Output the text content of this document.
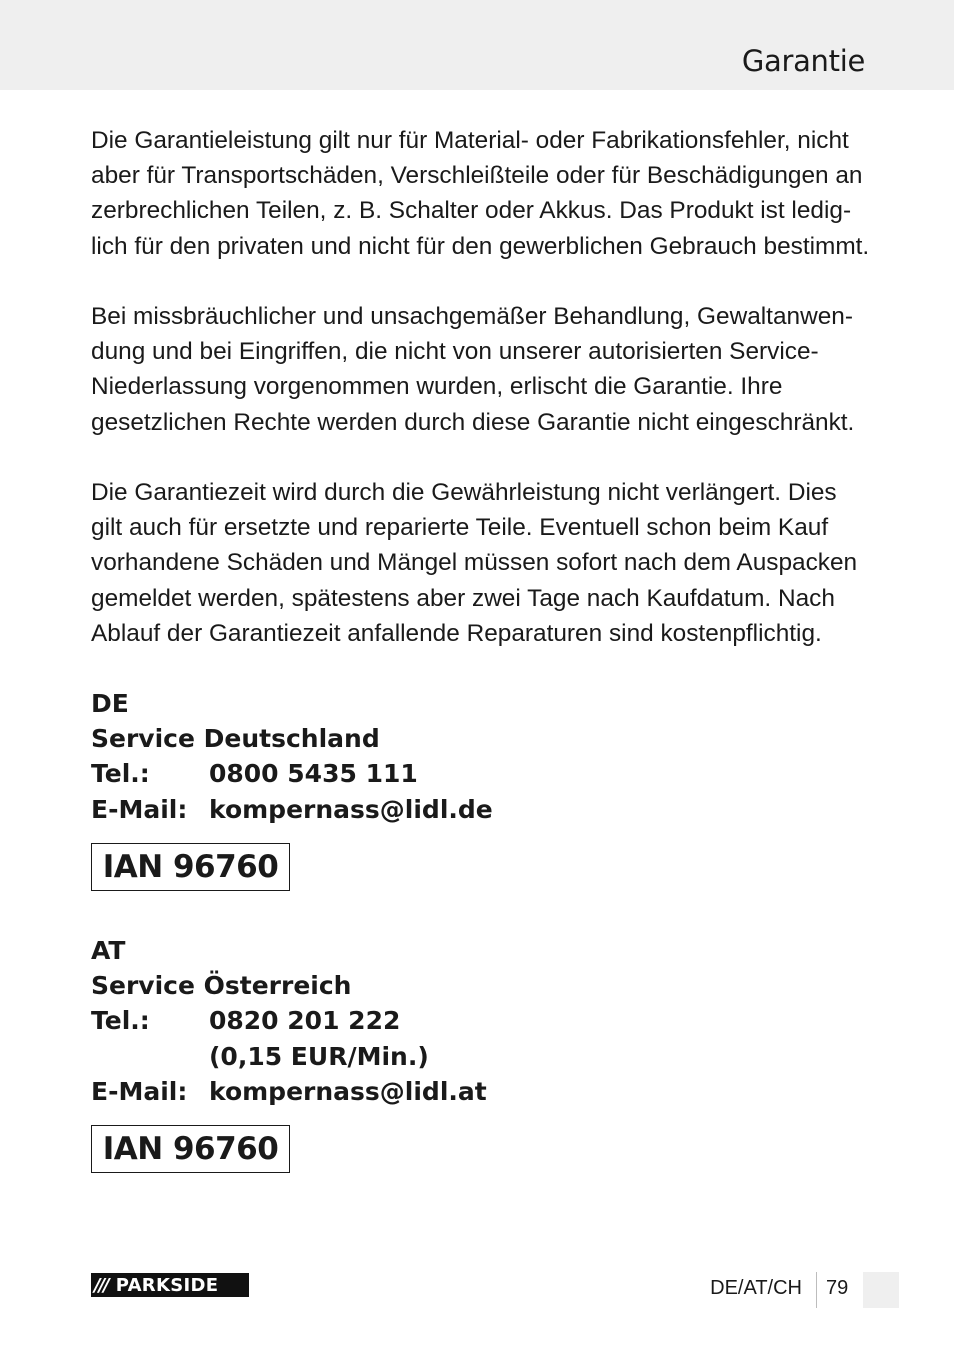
Garantie

Die Garantieleistung gilt nur für Material- oder Fabrikationsfehler, nicht
aber für Transportschäden, Verschleißteile oder für Beschädigungen an
zerbrechlichen Teilen, z. B. Schalter oder Akkus. Das Produkt ist ledig-
lich für den privaten und nicht für den gewerblichen Gebrauch bestimmt.

Bei missbräuchlicher und unsachgemäßer Behandlung, Gewaltanwen-
dung und bei Eingriffen, die nicht von unserer autorisierten Service-
Niederlassung vorgenommen wurden, erlischt die Garantie. Ihre
gesetzlichen Rechte werden durch diese Garantie nicht eingeschränkt.

Die Garantiezeit wird durch die Gewährleistung nicht verlängert. Dies
gilt auch für ersetzte und reparierte Teile. Eventuell schon beim Kauf
vorhandene Schäden und Mängel müssen sofort nach dem Auspacken
gemeldet werden, spätestens aber zwei Tage nach Kaufdatum. Nach
Ablauf der Garantiezeit anfallende Reparaturen sind kostenpflichtig.

DE
Service Deutschland
Tel.: 0800 5435 111
E-Mail: kompernass@lidl.de
IAN 96760
AT
Service Österreich
Tel.: 0820 201 222
(0,15 EUR/Min.)
E-Mail: kompernass@lidl.at
IAN 96760
/// PARKSIDE	DE/AT/CH 79
